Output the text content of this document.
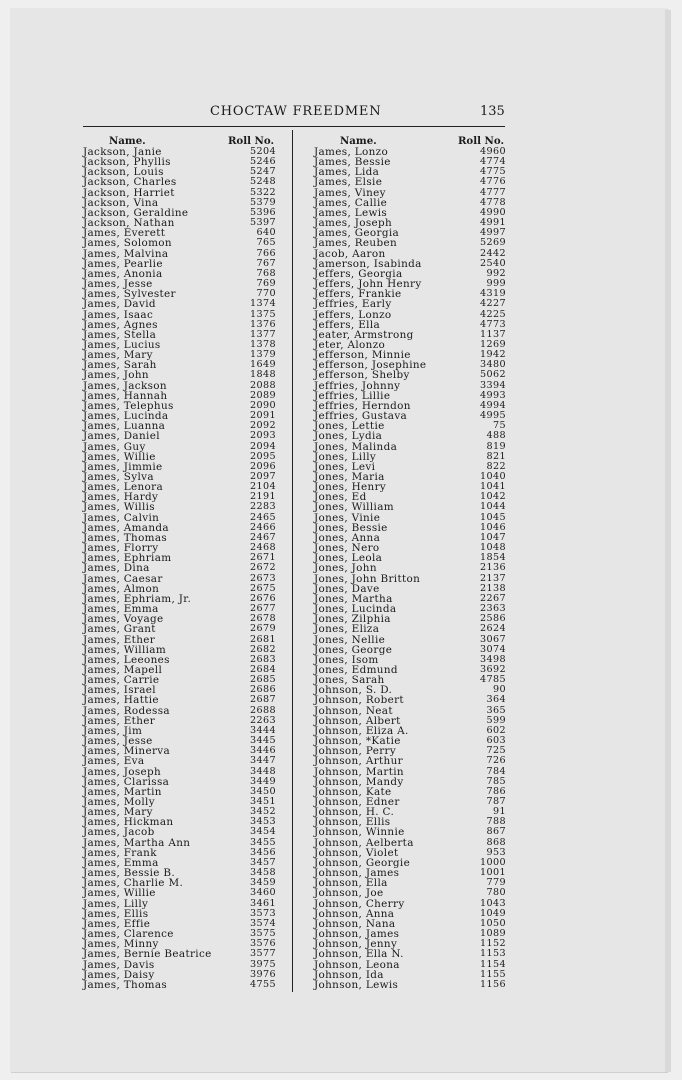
CHOCTAW FREEDMEN	135
Name.	Roll No.
Jackson, Janie	5204
Jackson, Phyllis	5246
Jackson, Louis	5247
Jackson, Charles	5248
Jackson, Harriet	5322
Jackson, Vina	5379
Jackson, Geraldine	5396
Jackson, Nathan	5397
James, Everett	640
James, Solomon	765
James, Malvina	766
James, Pearlie	767
James, Anonia	768
James, Jesse	769
James, Sylvester	770
James, David	1374
James, Isaac	1375
James, Agnes	1376
James, Stella	1377
James, Lucius	1378
James, Mary	1379
James, Sarah	1649
James, John	1848
James, Jackson	2088
James, Hannah	2089
James, Telephus	2090
James, Lucinda	2091
James, Luanna	2092
James, Daniel	2093
James, Guy	2094
James, Willie	2095
James, Jimmie	2096
James, Sylva	2097
James, Lenora	2104
James, Hardy	2191
James, Willis	2283
James, Calvin	2465
James, Amanda	2466
James, Thomas	2467
James, Florry	2468
James, Ephriam	2671
James, Dina	2672
James, Caesar	2673
James, Almon	2675
James, Ephriam, Jr.	2676
James, Emma	2677
James, Voyage	2678
James, Grant	2679
James, Ether	2681
James, William	2682
James, Leeones	2683
James, Mapell	2684
James, Carrie	2685
James, Israel	2686
James, Hattie	2687
James, Rodessa	2688
James, Ether	2263
James, Jim	3444
James, Jesse	3445
James, Minerva	3446
James, Eva	3447
James, Joseph	3448
James, Clarissa	3449
James, Martin	3450
James, Molly	3451
James, Mary	3452
James, Hickman	3453
James, Jacob	3454
James, Martha Ann	3455
James, Frank	3456
James, Emma	3457
James, Bessie B.	3458
James, Charlie M.	3459
James, Willie	3460
James, Lilly	3461
James, Ellis	3573
James, Effie	3574
James, Clarence	3575
James, Minny	3576
James, Bernie Beatrice	3577
James, Davis	3975
James, Daisy	3976
James, Thomas	4755
Name.	Roll No.
James, Lonzo	4960
James, Bessie	4774
James, Lida	4775
James, Elsie	4776
James, Viney	4777
James, Callie	4778
James, Lewis	4990
James, Joseph	4991
James, Georgia	4997
James, Reuben	5269
Jacob, Aaron	2442
Jamerson, Isabinda	2540
Jeffers, Georgia	992
Jeffers, John Henry	999
Jeffers, Frankie	4319
Jeffries, Early	4227
Jeffers, Lonzo	4225
Jeffers, Ella	4773
Jeater, Armstrong	1137
Jeter, Alonzo	1269
Jefferson, Minnie	1942
Jefferson, Josephine	3480
Jefferson, Shelby	5062
Jeffries, Johnny	3394
Jeffries, Lillie	4993
Jeffries, Herndon	4994
Jeffries, Gustava	4995
Jones, Lettie	75
Jones, Lydia	488
Jones, Malinda	819
Jones, Lilly	821
Jones, Levi	822
Jones, Maria	1040
Jones, Henry	1041
Jones, Ed	1042
Jones, William	1044
Jones, Vinie	1045
Jones, Bessie	1046
Jones, Anna	1047
Jones, Nero	1048
Jones, Leola	1854
Jones, John	2136
Jones, John Britton	2137
Jones, Dave	2138
Jones, Martha	2267
Jones, Lucinda	2363
Jones, Zilphia	2586
Jones, Eliza	2624
Jones, Nellie	3067
Jones, George	3074
Jones, Isom	3498
Jones, Edmund	3692
Jones, Sarah	4785
Johnson, S. D.	90
Johnson, Robert	364
Johnson, Neat	365
Johnson, Albert	599
Johnson, Eliza A.	602
Johnson, *Katie	603
Johnson, Perry	725
Johnson, Arthur	726
Johnson, Martin	784
Johnson, Mandy	785
Johnson, Kate	786
Johnson, Edner	787
Johnson, H. C.	91
Johnson, Ellis	788
Johnson, Winnie	867
Johnson, Aelberta	868
Johnson, Violet	953
Johnson, Georgie	1000
Johnson, James	1001
Johnson, Ella	779
Johnson, Joe	780
Johnson, Cherry	1043
Johnson, Anna	1049
Johnson, Nana	1050
Johnson, James	1089
Johnson, Jenny	1152
Johnson, Ella N.	1153
Johnson, Leona	1154
Johnson, Ida	1155
Johnson, Lewis	1156
